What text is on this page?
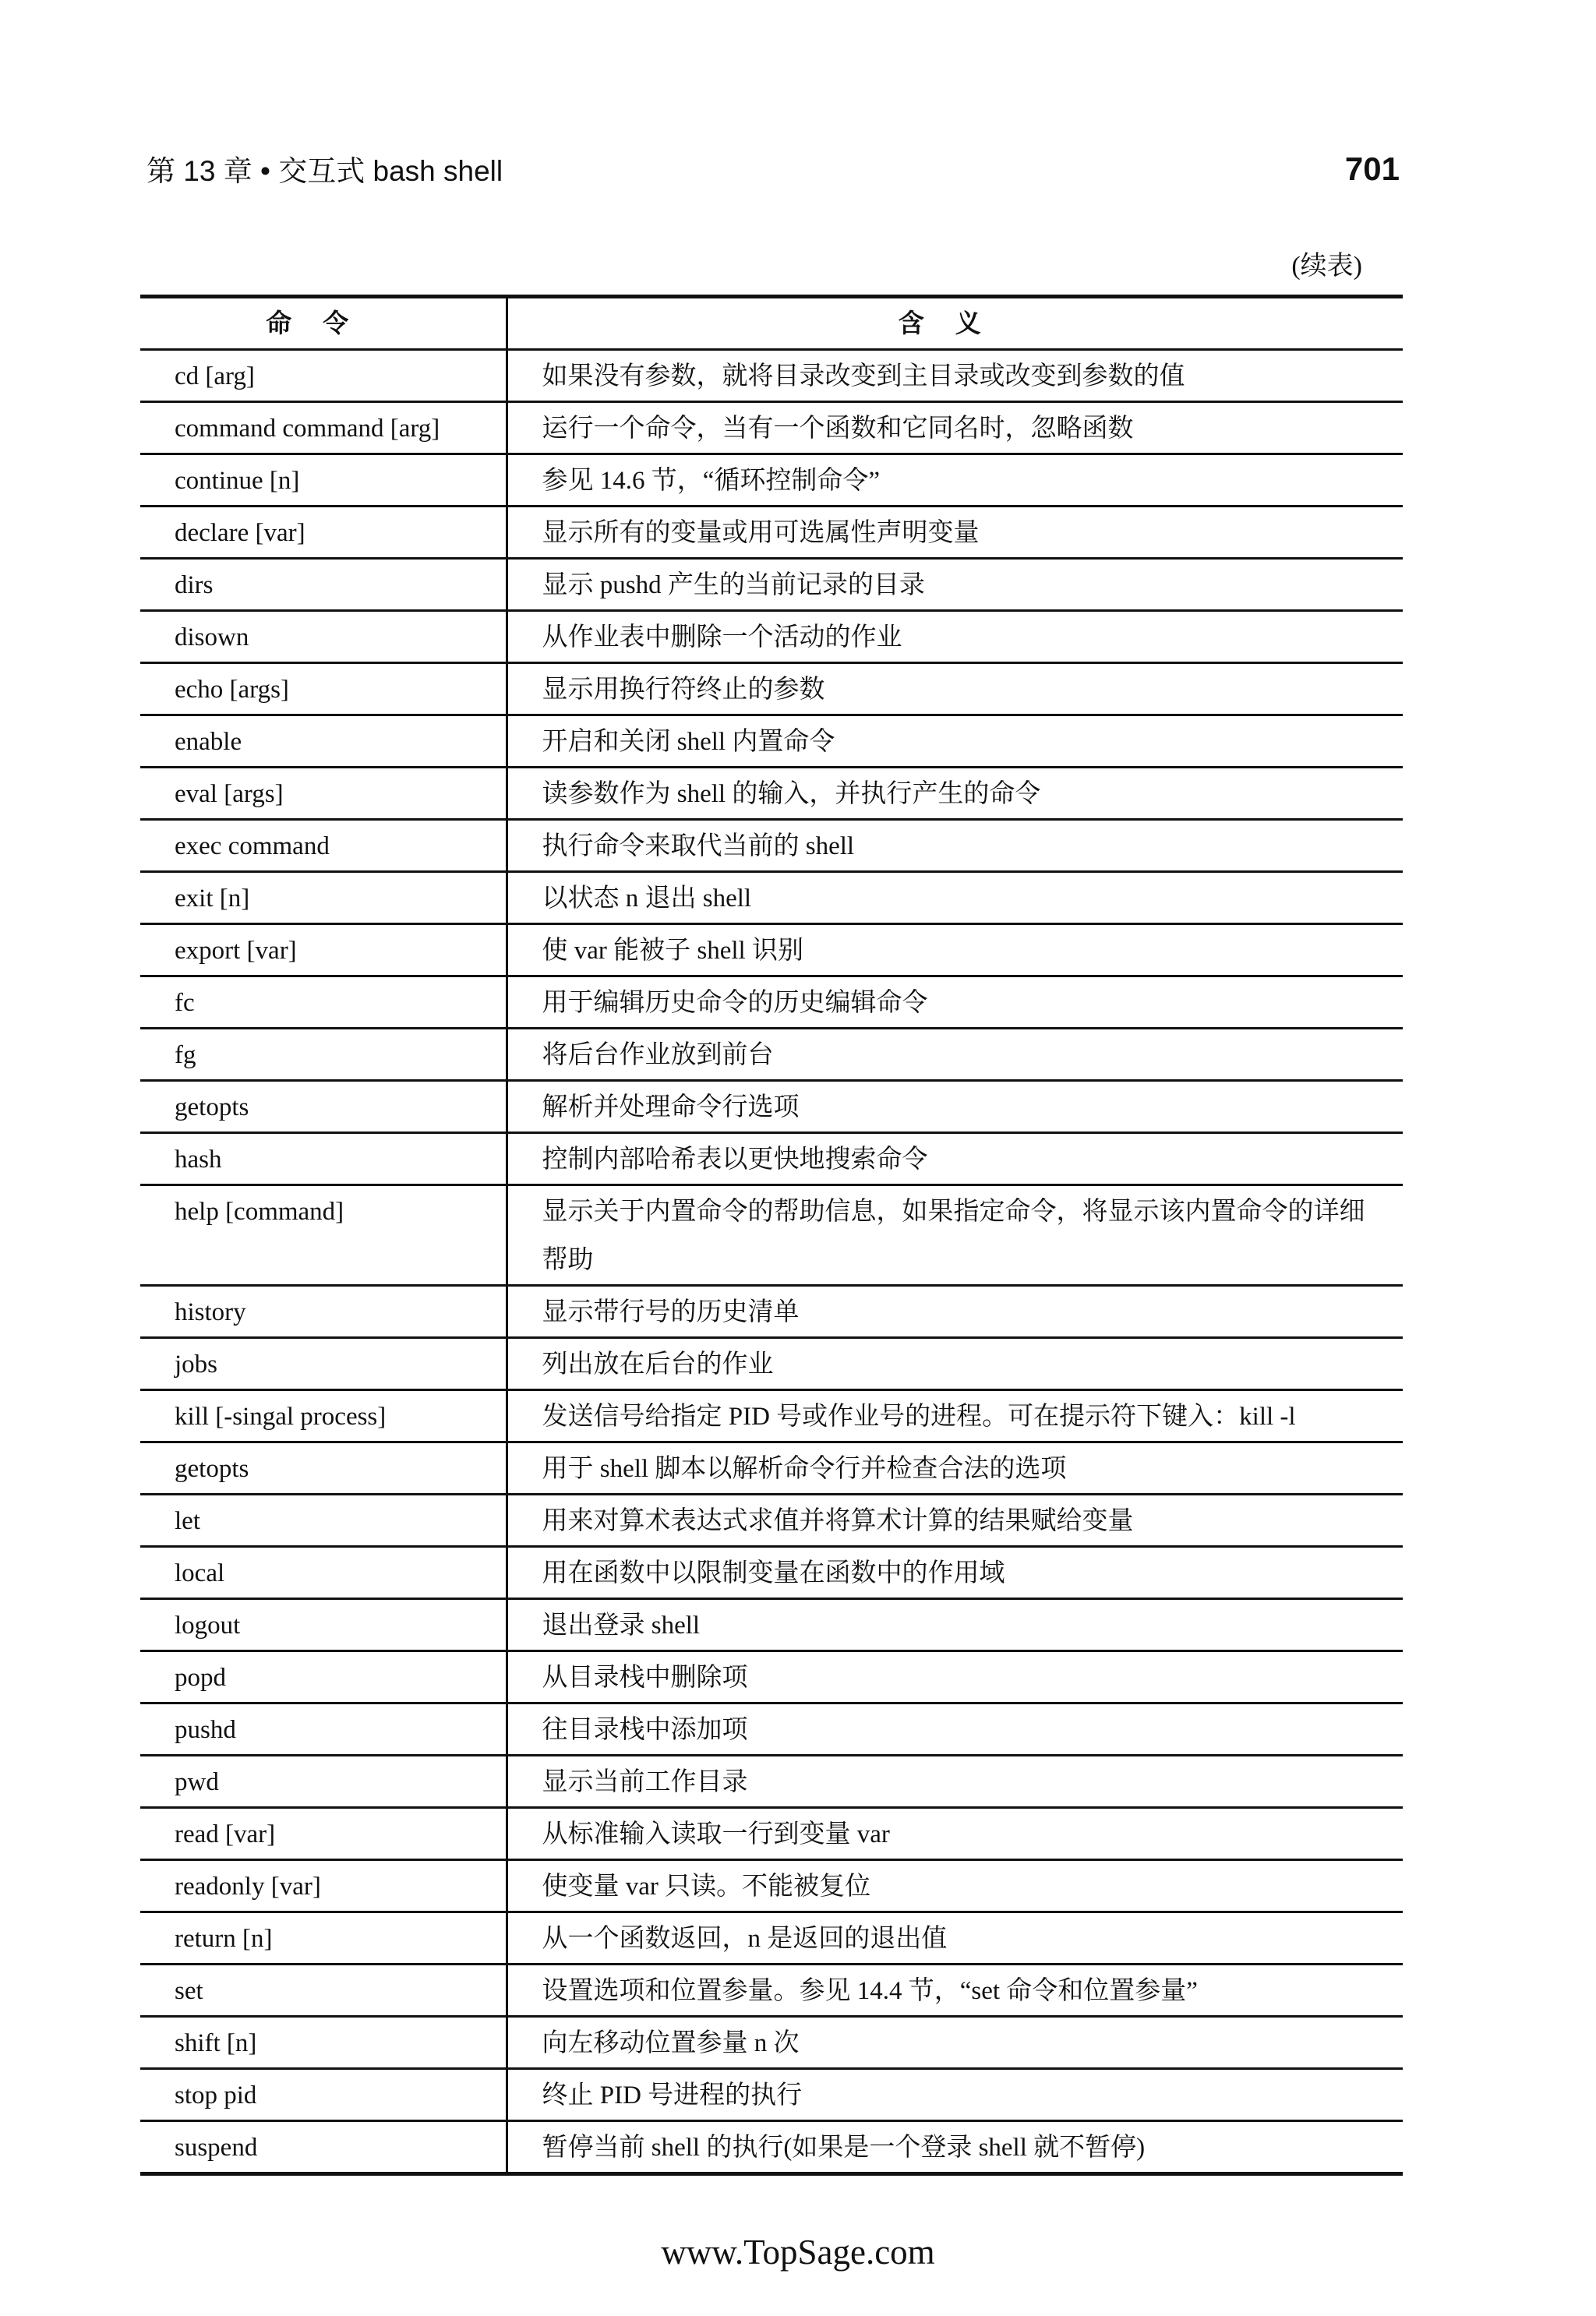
第 13 章 • 交互式 bash shell	701
(续表)
命令	含义
cd [arg]	如果没有参数，就将目录改变到主目录或改变到参数的值
command command [arg]	运行一个命令，当有一个函数和它同名时，忽略函数
continue [n]	参见 14.6 节，“循环控制命令”
declare [var]	显示所有的变量或用可选属性声明变量
dirs	显示 pushd 产生的当前记录的目录
disown	从作业表中删除一个活动的作业
echo [args]	显示用换行符终止的参数
enable	开启和关闭 shell 内置命令
eval [args]	读参数作为 shell 的输入，并执行产生的命令
exec command	执行命令来取代当前的 shell
exit [n]	以状态 n 退出 shell
export [var]	使 var 能被子 shell 识别
fc	用于编辑历史命令的历史编辑命令
fg	将后台作业放到前台
getopts	解析并处理命令行选项
hash	控制内部哈希表以更快地搜索命令
help [command]	显示关于内置命令的帮助信息，如果指定命令，将显示该内置命令的详细帮助
history	显示带行号的历史清单
jobs	列出放在后台的作业
kill [-singal process]	发送信号给指定 PID 号或作业号的进程。可在提示符下键入：kill -l
getopts	用于 shell 脚本以解析命令行并检查合法的选项
let	用来对算术表达式求值并将算术计算的结果赋给变量
local	用在函数中以限制变量在函数中的作用域
logout	退出登录 shell
popd	从目录栈中删除项
pushd	往目录栈中添加项
pwd	显示当前工作目录
read [var]	从标准输入读取一行到变量 var
readonly [var]	使变量 var 只读。不能被复位
return [n]	从一个函数返回，n 是返回的退出值
set	设置选项和位置参量。参见 14.4 节，“set 命令和位置参量”
shift [n]	向左移动位置参量 n 次
stop pid	终止 PID 号进程的执行
suspend	暂停当前 shell 的执行(如果是一个登录 shell 就不暂停)
www.TopSage.com
